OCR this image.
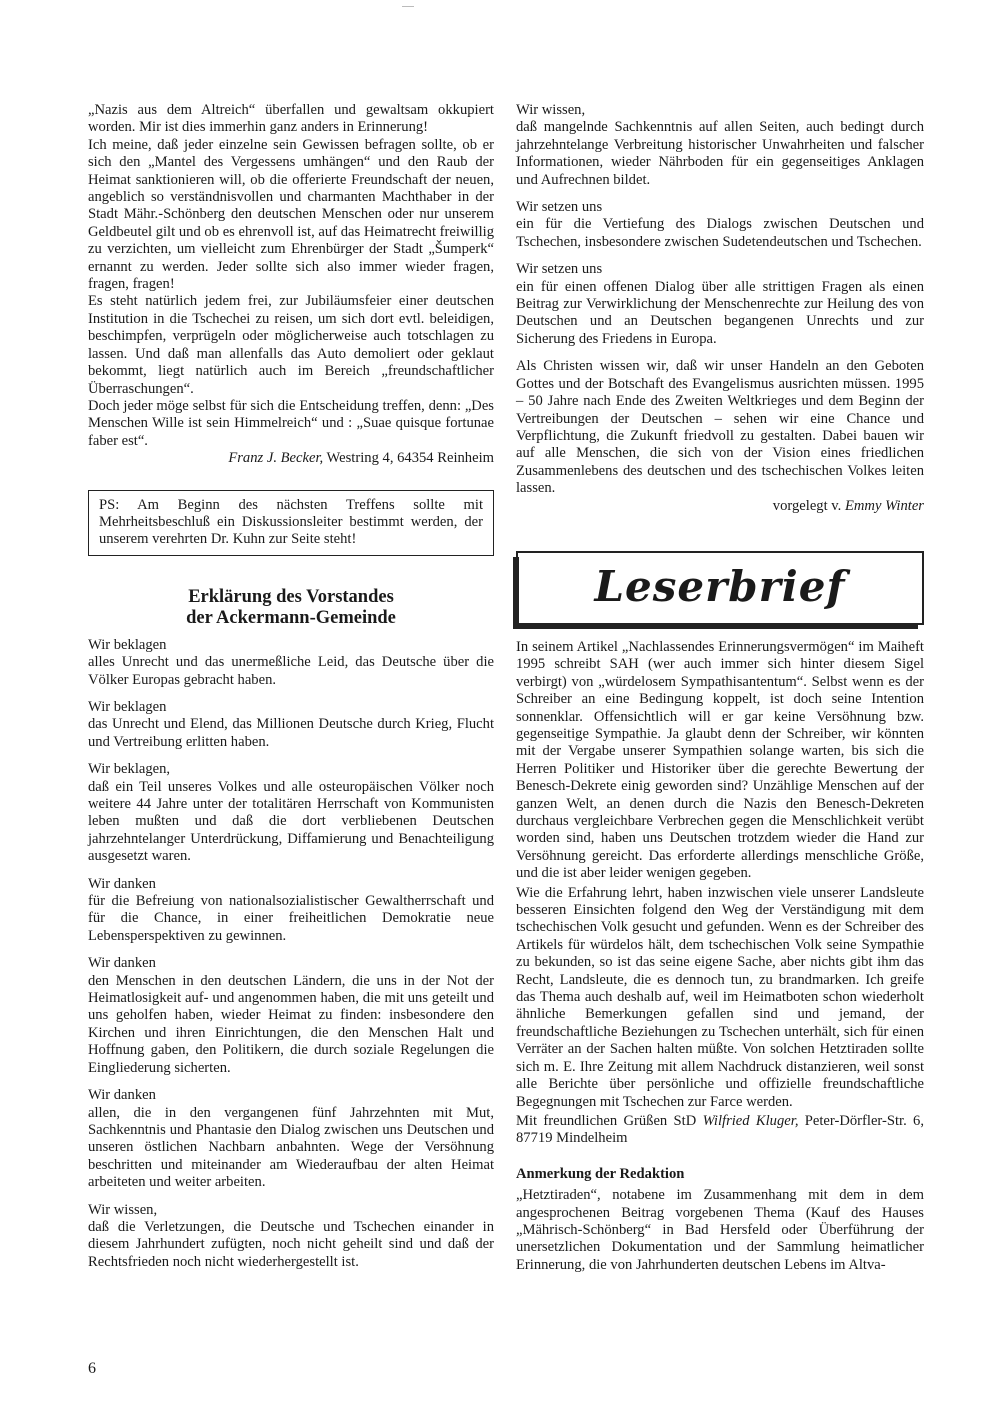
„Nazis aus dem Altreich“ überfallen und gewaltsam okkupiert worden. Mir ist dies immerhin ganz anders in Erinnerung!

Ich meine, daß jeder einzelne sein Gewissen befragen sollte, ob er sich den „Mantel des Vergessens umhängen“ und den Raub der Heimat sanktionieren will, ob die offerierte Freundschaft der neuen, angeblich so verständnisvollen und charmanten Machthaber in der Stadt Mähr.-Schönberg den deutschen Menschen oder nur unserem Geldbeutel gilt und ob es ehrenvoll ist, auf das Heimatrecht freiwillig zu verzichten, um vielleicht zum Ehrenbürger der Stadt „Šumperk“ ernannt zu werden. Jeder sollte sich also immer wieder fragen, fragen, fragen!

Es steht natürlich jedem frei, zur Jubiläumsfeier einer deutschen Institution in die Tschechei zu reisen, um sich dort evtl. beleidigen, beschimpfen, verprügeln oder möglicherweise auch totschlagen zu lassen. Und daß man allenfalls das Auto demoliert oder geklaut bekommt, liegt natürlich auch im Bereich „freundschaftlicher Überraschungen“.

Doch jeder möge selbst für sich die Entscheidung treffen, denn: „Des Menschen Wille ist sein Himmelreich“ und : „Suae quisque fortunae faber est“.

Franz J. Becker, Westring 4, 64354 Reinheim

PS: Am Beginn des nächsten Treffens sollte mit Mehrheitsbeschluß ein Diskussionsleiter bestimmt werden, der unserem verehrten Dr. Kuhn zur Seite steht!

Erklärung des Vorstandes
der Ackermann-Gemeinde

Wir beklagen

alles Unrecht und das unermeßliche Leid, das Deutsche über die Völker Europas gebracht haben.

Wir beklagen

das Unrecht und Elend, das Millionen Deutsche durch Krieg, Flucht und Vertreibung erlitten haben.

Wir beklagen,

daß ein Teil unseres Volkes und alle osteuropäischen Völker noch weitere 44 Jahre unter der totalitären Herrschaft von Kommunisten leben mußten und daß die dort verbliebenen Deutschen jahrzehntelanger Unterdrückung, Diffamierung und Benachteiligung ausgesetzt waren.

Wir danken

für die Befreiung von nationalsozialistischer Gewaltherrschaft und für die Chance, in einer freiheitlichen Demokratie neue Lebensperspektiven zu gewinnen.

Wir danken

den Menschen in den deutschen Ländern, die uns in der Not der Heimatlosigkeit auf- und angenommen haben, die mit uns geteilt und uns geholfen haben, wieder Heimat zu finden: insbesondere den Kirchen und ihren Einrichtungen, die den Menschen Halt und Hoffnung gaben, den Politikern, die durch soziale Regelungen die Eingliederung sicherten.

Wir danken

allen, die in den vergangenen fünf Jahrzehnten mit Mut, Sachkenntnis und Phantasie den Dialog zwischen uns Deutschen und unseren östlichen Nachbarn anbahnten. Wege der Versöhnung beschritten und miteinander am Wiederaufbau der alten Heimat arbeiteten und weiter arbeiten.

Wir wissen,

daß die Verletzungen, die Deutsche und Tschechen einander in diesem Jahrhundert zufügten, noch nicht geheilt sind und daß der Rechtsfrieden noch nicht wiederhergestellt ist.

Wir wissen,

daß mangelnde Sachkenntnis auf allen Seiten, auch bedingt durch jahrzehntelange Verbreitung historischer Unwahrheiten und falscher Informationen, wieder Nährboden für ein gegenseitiges Anklagen und Aufrechnen bildet.

Wir setzen uns

ein für die Vertiefung des Dialogs zwischen Deutschen und Tschechen, insbesondere zwischen Sudetendeutschen und Tschechen.

Wir setzen uns

ein für einen offenen Dialog über alle strittigen Fragen als einen Beitrag zur Verwirklichung der Menschenrechte zur Heilung des von Deutschen und an Deutschen begangenen Unrechts und zur Sicherung des Friedens in Europa.

Als Christen wissen wir, daß wir unser Handeln an den Geboten Gottes und der Botschaft des Evangelismus ausrichten müssen. 1995 – 50 Jahre nach Ende des Zweiten Weltkrieges und dem Beginn der Vertreibungen der Deutschen – sehen wir eine Chance und Verpflichtung, die Zukunft friedvoll zu gestalten. Dabei bauen wir auf alle Menschen, die sich von der Vision eines friedlichen Zusammenlebens des deutschen und des tschechischen Volkes leiten lassen.

vorgelegt v. Emmy Winter

Leserbrief

In seinem Artikel „Nachlassendes Erinnerungsvermögen“ im Maiheft 1995 schreibt SAH (wer auch immer sich hinter diesem Sigel verbirgt) von „würdelosem Sympathisantentum“. Selbst wenn es der Schreiber an eine Bedingung koppelt, ist doch seine Intention sonnenklar. Offensichtlich will er gar keine Versöhnung bzw. gegenseitige Sympathie. Ja glaubt denn der Schreiber, wir könnten mit der Vergabe unserer Sympathien solange warten, bis sich die Herren Politiker und Historiker über die gerechte Bewertung der Benesch-Dekrete einig geworden sind? Unzählige Menschen auf der ganzen Welt, an denen durch die Nazis den Benesch-Dekreten durchaus vergleichbare Verbrechen gegen die Menschlichkeit verübt worden sind, haben uns Deutschen trotzdem wieder die Hand zur Versöhnung gereicht. Das erforderte allerdings menschliche Größe, und die ist aber leider wenigen gegeben.

Wie die Erfahrung lehrt, haben inzwischen viele unserer Landsleute besseren Einsichten folgend den Weg der Verständigung mit dem tschechischen Volk gesucht und gefunden. Wenn es der Schreiber des Artikels für würdelos hält, dem tschechischen Volk seine Sympathie zu bekunden, so ist das seine eigene Sache, aber nichts gibt ihm das Recht, Landsleute, die es dennoch tun, zu brandmarken. Ich greife das Thema auch deshalb auf, weil im Heimatboten schon wiederholt ähnliche Bemerkungen gefallen sind und jemand, der freundschaftliche Beziehungen zu Tschechen unterhält, sich für einen Verräter an der Sachen halten müßte. Von solchen Hetztiraden sollte sich m. E. Ihre Zeitung mit allem Nachdruck distanzieren, weil sonst alle Berichte über persönliche und offizielle freundschaftliche Begegnungen mit Tschechen zur Farce werden.

Mit freundlichen Grüßen StD Wilfried Kluger, Peter-Dörfler-Str. 6, 87719 Mindelheim

Anmerkung der Redaktion

„Hetztiraden“, notabene im Zusammenhang mit dem in dem angesprochenen Beitrag vorgebenen Thema (Kauf des Hauses „Mährisch-Schönberg“ in Bad Hersfeld oder Überführung der unersetzlichen Dokumentation und der Sammlung heimatlicher Erinnerung, die von Jahrhunderten deutschen Lebens im Altva-

6
